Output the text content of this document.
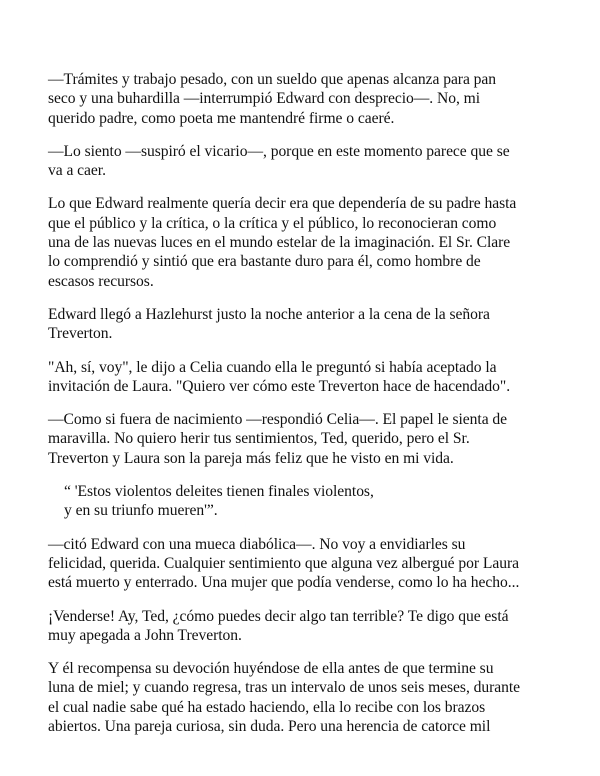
—Trámites y trabajo pesado, con un sueldo que apenas alcanza para pan
seco y una buhardilla —interrumpió Edward con desprecio—. No, mi
querido padre, como poeta me mantendré firme o caeré.

—Lo siento —suspiró el vicario—, porque en este momento parece que se
va a caer.

Lo que Edward realmente quería decir era que dependería de su padre hasta
que el público y la crítica, o la crítica y el público, lo reconocieran como
una de las nuevas luces en el mundo estelar de la imaginación. El Sr. Clare
lo comprendió y sintió que era bastante duro para él, como hombre de
escasos recursos.

Edward llegó a Hazlehurst justo la noche anterior a la cena de la señora
Treverton.

"Ah, sí, voy", le dijo a Celia cuando ella le preguntó si había aceptado la
invitación de Laura. "Quiero ver cómo este Treverton hace de hacendado".

—Como si fuera de nacimiento —respondió Celia—. El papel le sienta de
maravilla. No quiero herir tus sentimientos, Ted, querido, pero el Sr.
Treverton y Laura son la pareja más feliz que he visto en mi vida.

“ 'Estos violentos deleites tienen finales violentos,
y en su triunfo mueren'”.

—citó Edward con una mueca diabólica—. No voy a envidiarles su
felicidad, querida. Cualquier sentimiento que alguna vez albergué por Laura
está muerto y enterrado. Una mujer que podía venderse, como lo ha hecho...

¡Venderse! Ay, Ted, ¿cómo puedes decir algo tan terrible? Te digo que está
muy apegada a John Treverton.

Y él recompensa su devoción huyéndose de ella antes de que termine su
luna de miel; y cuando regresa, tras un intervalo de unos seis meses, durante
el cual nadie sabe qué ha estado haciendo, ella lo recibe con los brazos
abiertos. Una pareja curiosa, sin duda. Pero una herencia de catorce mil
